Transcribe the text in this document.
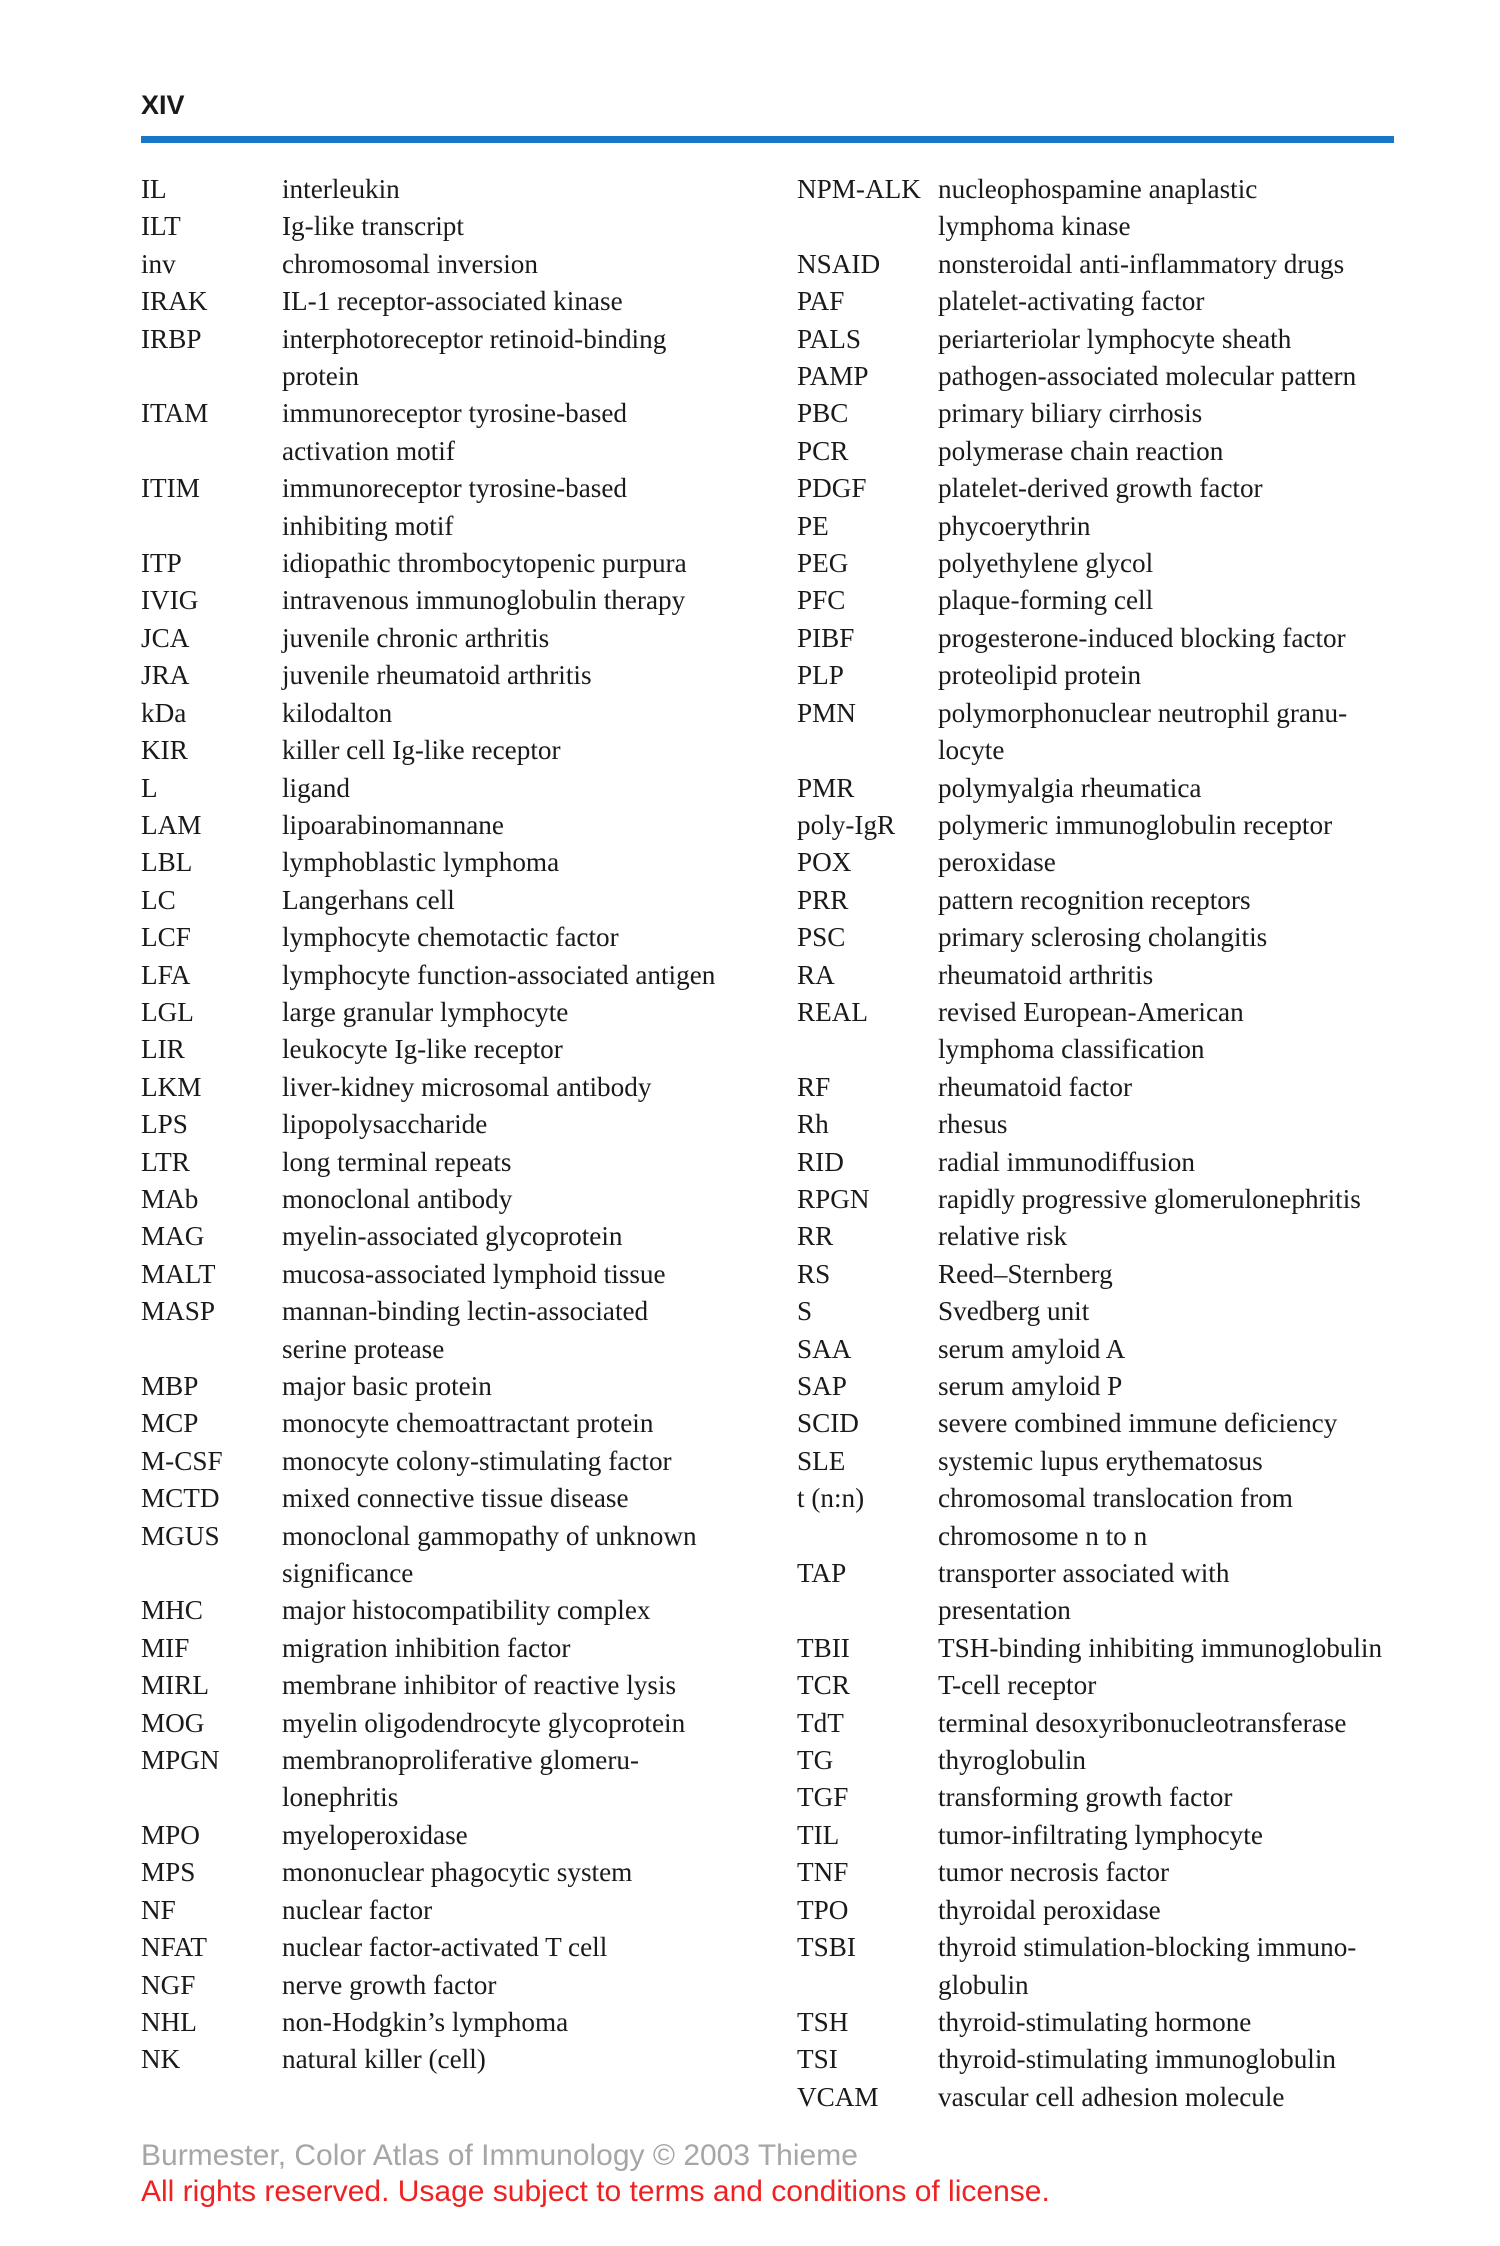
XIV
IL	interleukin
ILT	Ig-like transcript
inv	chromosomal inversion
IRAK	IL-1 receptor-associated kinase
IRBP	interphotoreceptor retinoid-binding
protein
ITAM	immunoreceptor tyrosine-based
activation motif
ITIM	immunoreceptor tyrosine-based
inhibiting motif
ITP	idiopathic thrombocytopenic purpura
IVIG	intravenous immunoglobulin therapy
JCA	juvenile chronic arthritis
JRA	juvenile rheumatoid arthritis
kDa	kilodalton
KIR	killer cell Ig-like receptor
L	ligand
LAM	lipoarabinomannane
LBL	lymphoblastic lymphoma
LC	Langerhans cell
LCF	lymphocyte chemotactic factor
LFA	lymphocyte function-associated antigen
LGL	large granular lymphocyte
LIR	leukocyte Ig-like receptor
LKM	liver-kidney microsomal antibody
LPS	lipopolysaccharide
LTR	long terminal repeats
MAb	monoclonal antibody
MAG	myelin-associated glycoprotein
MALT	mucosa-associated lymphoid tissue
MASP	mannan-binding lectin-associated
serine protease
MBP	major basic protein
MCP	monocyte chemoattractant protein
M-CSF	monocyte colony-stimulating factor
MCTD	mixed connective tissue disease
MGUS	monoclonal gammopathy of unknown
significance
MHC	major histocompatibility complex
MIF	migration inhibition factor
MIRL	membrane inhibitor of reactive lysis
MOG	myelin oligodendrocyte glycoprotein
MPGN	membranoproliferative glomeru-
lonephritis
MPO	myeloperoxidase
MPS	mononuclear phagocytic system
NF	nuclear factor
NFAT	nuclear factor-activated T cell
NGF	nerve growth factor
NHL	non-Hodgkin’s lymphoma
NK	natural killer (cell)
NPM-ALK nucleophospamine anaplastic
lymphoma kinase
NSAID	nonsteroidal anti-inflammatory drugs
PAF	platelet-activating factor
PALS	periarteriolar lymphocyte sheath
PAMP	pathogen-associated molecular pattern
PBC	primary biliary cirrhosis
PCR	polymerase chain reaction
PDGF	platelet-derived growth factor
PE	phycoerythrin
PEG	polyethylene glycol
PFC	plaque-forming cell
PIBF	progesterone-induced blocking factor
PLP	proteolipid protein
PMN	polymorphonuclear neutrophil granu-
locyte
PMR	polymyalgia rheumatica
poly-IgR	polymeric immunoglobulin receptor
POX	peroxidase
PRR	pattern recognition receptors
PSC	primary sclerosing cholangitis
RA	rheumatoid arthritis
REAL	revised European-American
lymphoma classification
RF	rheumatoid factor
Rh	rhesus
RID	radial immunodiffusion
RPGN	rapidly progressive glomerulonephritis
RR	relative risk
RS	Reed–Sternberg
S	Svedberg unit
SAA	serum amyloid A
SAP	serum amyloid P
SCID	severe combined immune deficiency
SLE	systemic lupus erythematosus
t (n:n)	chromosomal translocation from
chromosome n to n
TAP	transporter associated with
presentation
TBII	TSH-binding inhibiting immunoglobulin
TCR	T-cell receptor
TdT	terminal desoxyribonucleotransferase
TG	thyroglobulin
TGF	transforming growth factor
TIL	tumor-infiltrating lymphocyte
TNF	tumor necrosis factor
TPO	thyroidal peroxidase
TSBI	thyroid stimulation-blocking immuno-
globulin
TSH	thyroid-stimulating hormone
TSI	thyroid-stimulating immunoglobulin
VCAM	vascular cell adhesion molecule
Burmester, Color Atlas of Immunology © 2003 Thieme
All rights reserved. Usage subject to terms and conditions of license.
